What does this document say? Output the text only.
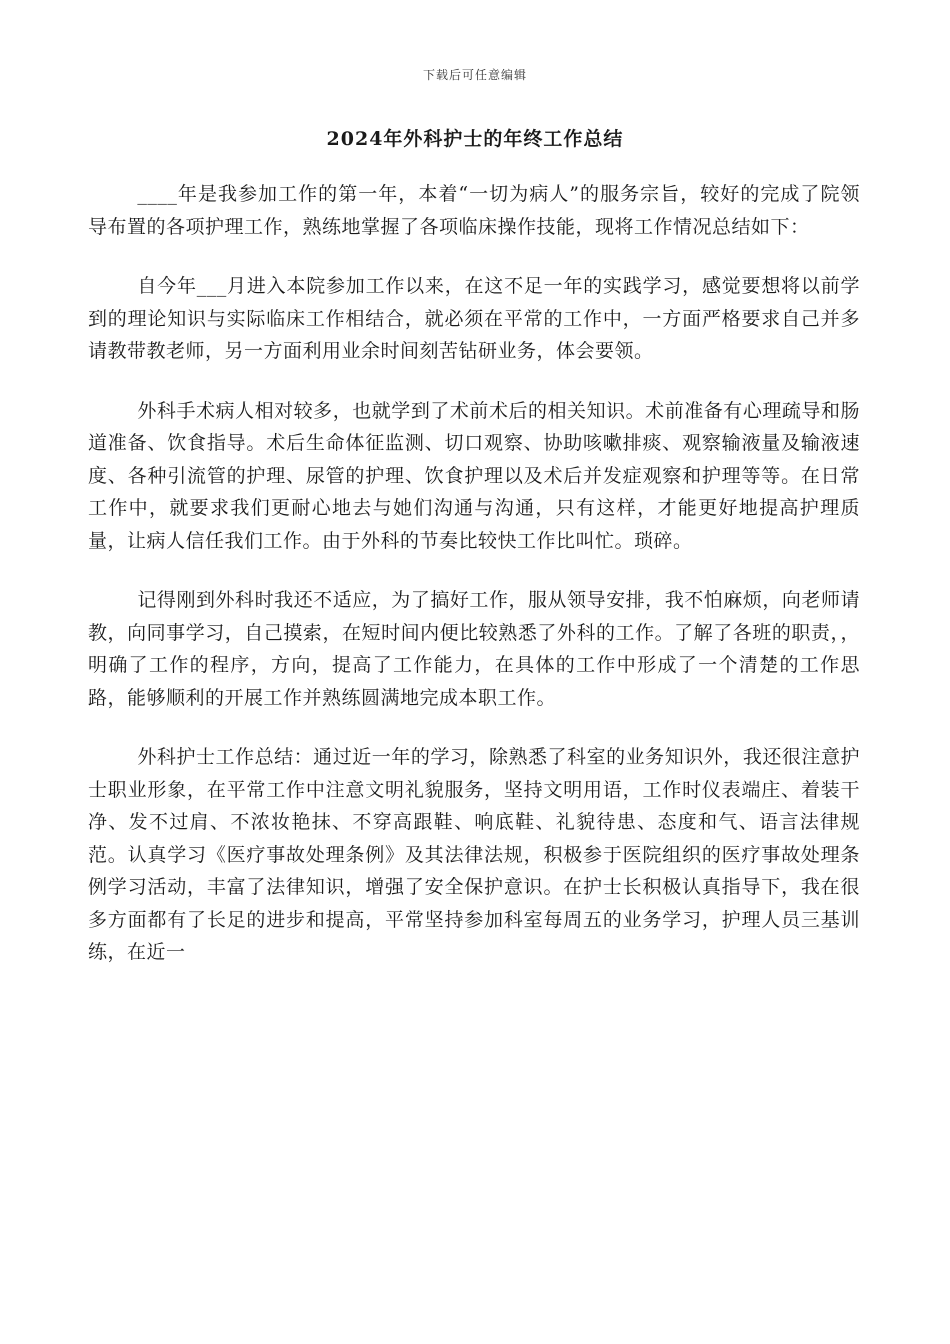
下载后可任意编辑
2024年外科护士的年终工作总结

____年是我参加工作的第一年，本着“一切为病人”的服务宗旨，较好的完成了院领导布置的各项护理工作，熟练地掌握了各项临床操作技能，现将工作情况总结如下：

自今年___月进入本院参加工作以来，在这不足一年的实践学习，感觉要想将以前学到的理论知识与实际临床工作相结合，就必须在平常的工作中，一方面严格要求自己并多请教带教老师，另一方面利用业余时间刻苦钻研业务，体会要领。

外科手术病人相对较多，也就学到了术前术后的相关知识。术前准备有心理疏导和肠道准备、饮食指导。术后生命体征监测、切口观察、协助咳嗽排痰、观察输液量及输液速度、各种引流管的护理、尿管的护理、饮食护理以及术后并发症观察和护理等等。在日常工作中，就要求我们更耐心地去与她们沟通与沟通，只有这样，才能更好地提高护理质量，让病人信任我们工作。由于外科的节奏比较快工作比叫忙。琐碎。

记得刚到外科时我还不适应，为了搞好工作，服从领导安排，我不怕麻烦，向老师请教，向同事学习，自己摸索，在短时间内便比较熟悉了外科的工作。了解了各班的职责，，明确了工作的程序，方向，提高了工作能力，在具体的工作中形成了一个清楚的工作思路，能够顺利的开展工作并熟练圆满地完成本职工作。

外科护士工作总结：通过近一年的学习，除熟悉了科室的业务知识外，我还很注意护士职业形象，在平常工作中注意文明礼貌服务，坚持文明用语，工作时仪表端庄、着装干净、发不过肩、不浓妆艳抹、不穿高跟鞋、响底鞋、礼貌待患、态度和气、语言法律规范。认真学习《医疗事故处理条例》及其法律法规，积极参于医院组织的医疗事故处理条例学习活动，丰富了法律知识，增强了安全保护意识。在护士长积极认真指导下，我在很多方面都有了长足的进步和提高，平常坚持参加科室每周五的业务学习，护理人员三基训练，在近一
